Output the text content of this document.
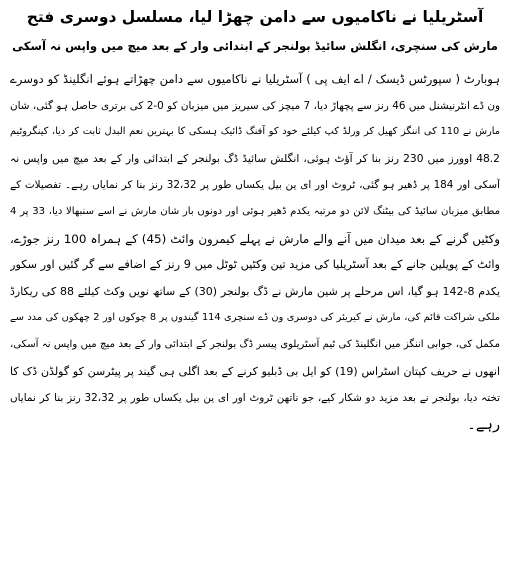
آسٹریلیا نے ناکامیوں سے دامن چھڑا لیا، مسلسل دوسری فتح
مارش کی سنچری، انگلش سائیڈ بولنجر کے ابتدائی وار کے بعد میچ میں واپس نہ آسکی
ہوبارٹ ( سپورٹس ڈیسک / اے ایف پی ) آسٹریلیا نے ناکامیوں سے دامن چھڑاتے ہوئے انگلینڈ کو دوسرے
ون ڈے انٹرنیشنل میں 46 رنز سے پچھاڑ دیا، 7 میچز کی سیریز میں میزبان کو 0-2 کی برتری حاصل ہو گئی، شان
مارش نے 110 کی اننگز کھیل کر ورلڈ کپ کیلئے خود کو آفنگ ڈائیک ہسکی کا بہترین نعم البدل ثابت کر دیا، کینگروٹیم
48.2 اوورز میں 230 رنز بنا کر آؤٹ ہوئی، انگلش سائیڈ ڈگ بولنجر کے ابتدائی وار کے بعد میچ میں واپس نہ
آسکی اور 184 پر ڈھیر ہو گئی، ٹروٹ اور ای ین بیل یکساں طور پر 32،32 رنز بنا کر نمایاں رہے۔ تفصیلات کے
مطابق میزبان سائیڈ کی بیٹنگ لائن دو مرتبہ یکدم ڈھیر ہوئی اور دونوں بار شان مارش نے اسے سنبھالا دیا، 33 پر 4
وکٹیں گرنے کے بعد میدان میں آنے والے مارش نے پہلے کیمرون وائٹ (45) کے ہمراہ 100 رنز جوڑے،
وائٹ کے پویلین جانے کے بعد آسٹریلیا کی مزید تین وکٹیں ٹوٹل میں 9 رنز کے اضافے سے گر گئیں اور سکور
یکدم 8-142 ہو گیا، اس مرحلے پر شین مارش نے ڈگ بولنجر (30) کے ساتھ نویں وکٹ کیلئے 88 کی ریکارڈ
ملکی شراکت قائم کی، مارش نے کیریئر کی دوسری ون ڈے سنچری 114 گیندوں پر 8 چوکوں اور 2 چھکوں کی مدد سے
مکمل کی، جوابی اننگز میں انگلینڈ کی ٹیم آسٹریلوی پیسر ڈگ بولنجر کے ابتدائی وار کے بعد میچ میں واپس نہ آسکی،
انھوں نے حریف کپتان اسٹراس (19) کو ایل بی ڈبلیو کرنے کے بعد اگلی ہی گیند پر پیٹرسن کو گولڈن ڈک کا
تختہ دیا، بولنجر نے بعد مزید دو شکار کیے، جو ناتھن ٹروٹ اور ای ین بیل یکساں طور پر 32،32 رنز بنا کر نمایاں
رہے۔
